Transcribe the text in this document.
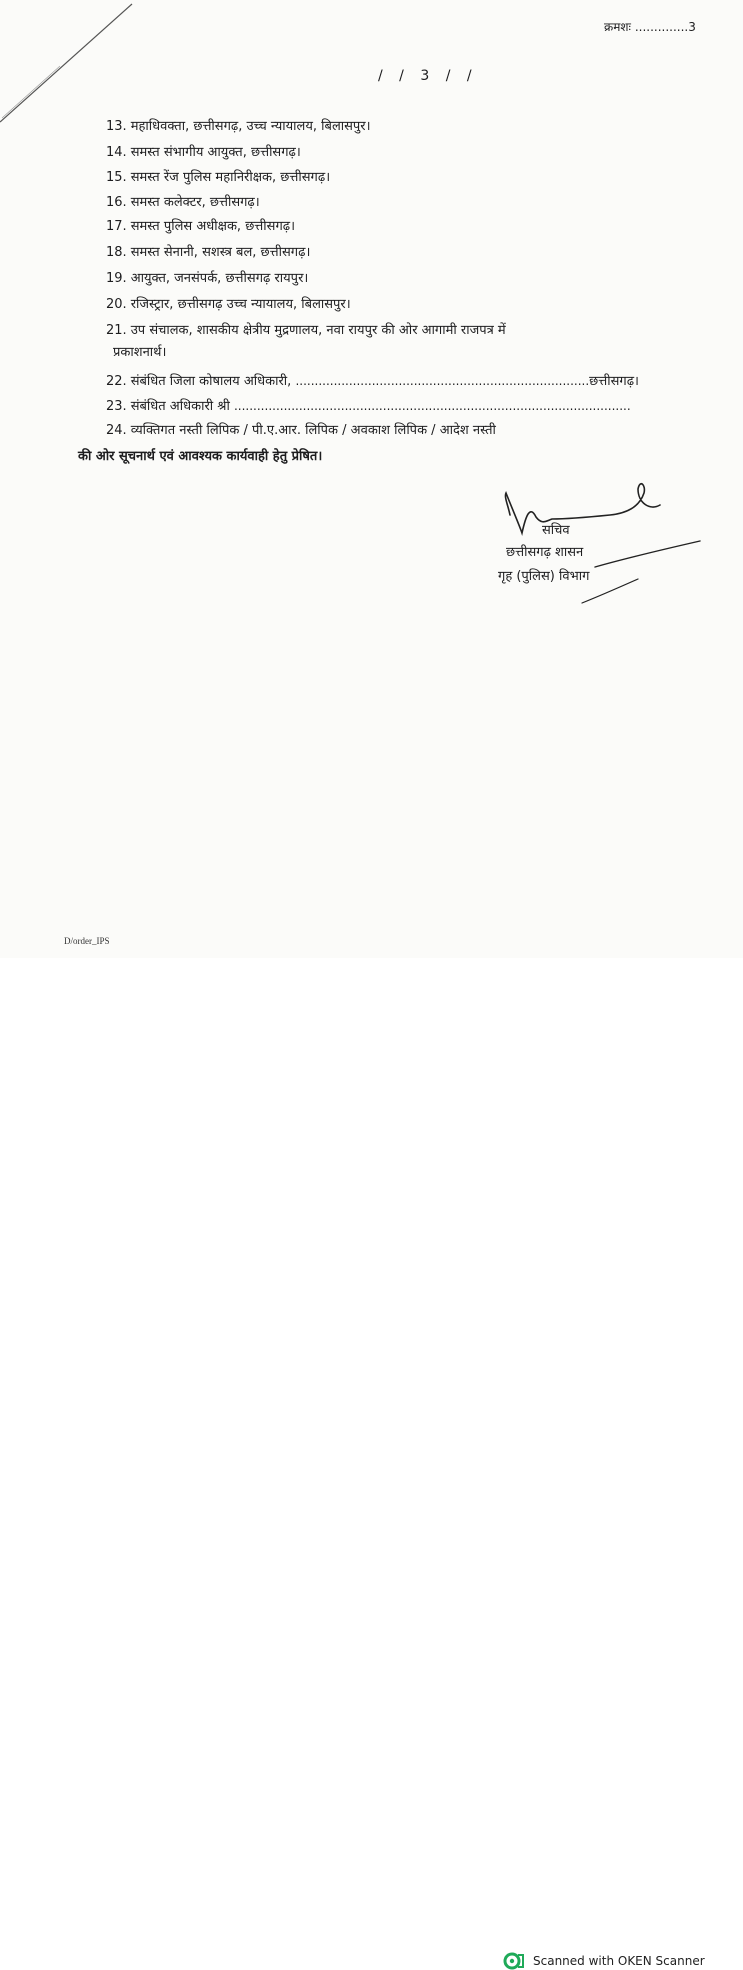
क्रमशः ..............3
/ / 3 / /
13. महाधिवक्ता, छत्तीसगढ़, उच्च न्यायालय, बिलासपुर।
14. समस्त संभागीय आयुक्त, छत्तीसगढ़।
15. समस्त रेंज पुलिस महानिरीक्षक, छत्तीसगढ़।
16. समस्त कलेक्टर, छत्तीसगढ़।
17. समस्त पुलिस अधीक्षक, छत्तीसगढ़।
18. समस्त सेनानी, सशस्त्र बल, छत्तीसगढ़।
19. आयुक्त, जनसंपर्क, छत्तीसगढ़ रायपुर।
20. रजिस्ट्रार, छत्तीसगढ़ उच्च न्यायालय, बिलासपुर।
21. उप संचालक, शासकीय क्षेत्रीय मुद्रणालय, नवा रायपुर की ओर आगामी राजपत्र में
प्रकाशनार्थ।
22. संबंधित जिला कोषालय अधिकारी, .............................................................................छत्तीसगढ़।
23. संबंधित अधिकारी श्री ........................................................................................................
24. व्यक्तिगत नस्ती लिपिक / पी.ए.आर. लिपिक / अवकाश लिपिक / आदेश नस्ती
की ओर सूचनार्थ एवं आवश्यक कार्यवाही हेतु प्रेषित।
सचिव
छत्तीसगढ़ शासन
गृह (पुलिस) विभाग
D/order_IPS
Scanned with OKEN Scanner
